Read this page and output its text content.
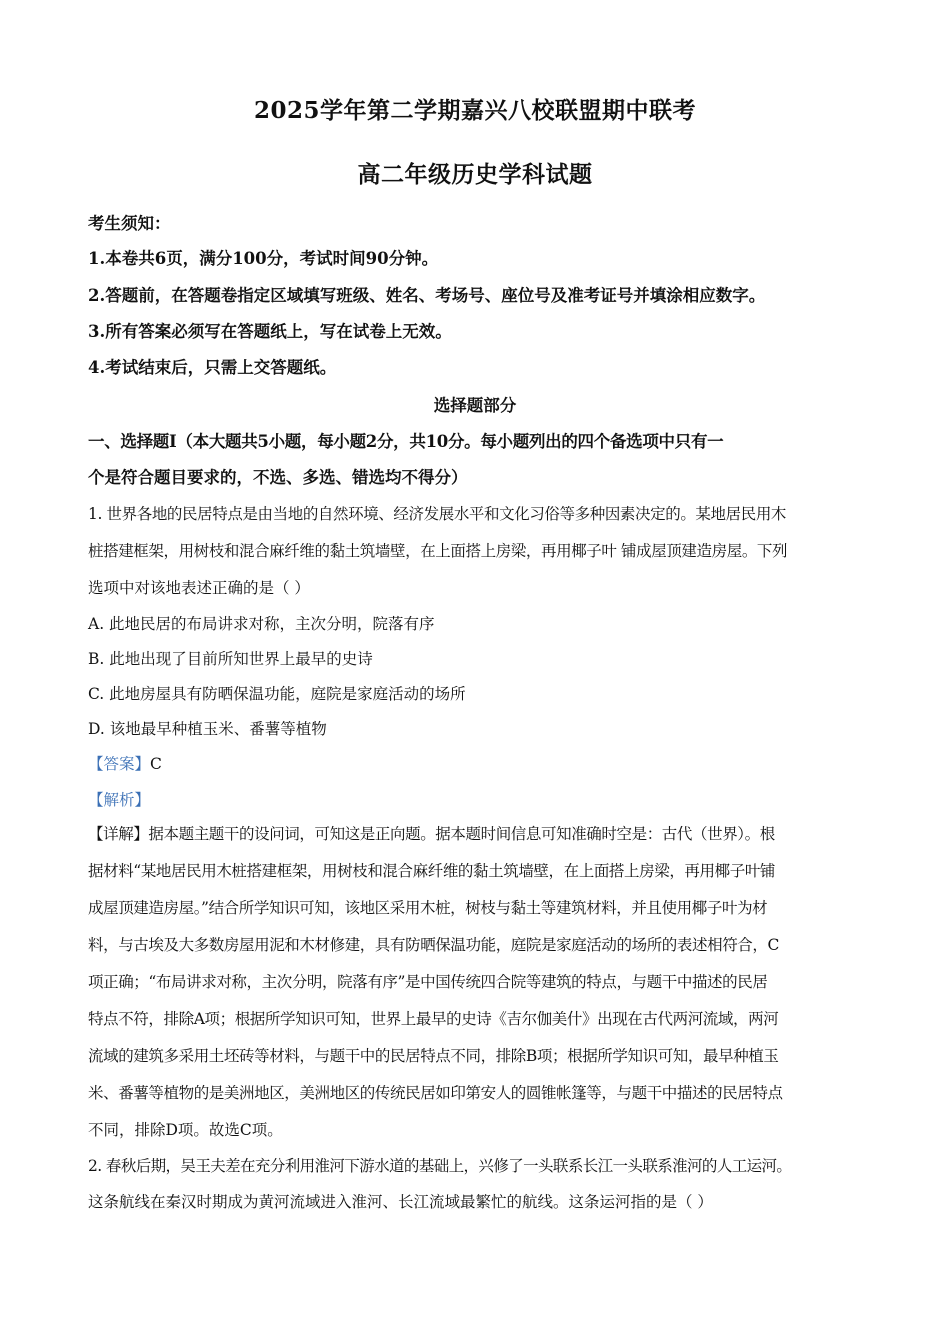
2025学年第二学期嘉兴八校联盟期中联考
高二年级历史学科试题
考生须知：
1.本卷共6页，满分100分，考试时间90分钟。
2.答题前，在答题卷指定区域填写班级、姓名、考场号、座位号及准考证号并填涂相应数字。
3.所有答案必须写在答题纸上，写在试卷上无效。
4.考试结束后，只需上交答题纸。
选择题部分
一、选择题Ⅰ（本大题共5小题，每小题2分，共10分。每小题列出的四个备选项中只有一
个是符合题目要求的，不选、多选、错选均不得分）
1. 世界各地的民居特点是由当地的自然环境、经济发展水平和文化习俗等多种因素决定的。某地居民用木
桩搭建框架，用树枝和混合麻纤维的黏土筑墙壁，在上面搭上房梁，再用椰子叶 铺成屋顶建造房屋。下列
选项中对该地表述正确的是（ ）
A. 此地民居的布局讲求对称，主次分明，院落有序
B. 此地出现了目前所知世界上最早的史诗
C. 此地房屋具有防晒保温功能，庭院是家庭活动的场所
D. 该地最早种植玉米、番薯等植物
【答案】C
【解析】
【详解】据本题主题干的设问词，可知这是正向题。据本题时间信息可知准确时空是：古代（世界）。根
据材料“某地居民用木桩搭建框架，用树枝和混合麻纤维的黏土筑墙壁，在上面搭上房梁，再用椰子叶铺
成屋顶建造房屋。”结合所学知识可知，该地区采用木桩，树枝与黏土等建筑材料，并且使用椰子叶为材
料，与古埃及大多数房屋用泥和木材修建，具有防晒保温功能，庭院是家庭活动的场所的表述相符合，C
项正确；“布局讲求对称，主次分明，院落有序”是中国传统四合院等建筑的特点，与题干中描述的民居
特点不符，排除A项；根据所学知识可知，世界上最早的史诗《吉尔伽美什》出现在古代两河流域，两河
流域的建筑多采用土坯砖等材料，与题干中的民居特点不同，排除B项；根据所学知识可知，最早种植玉
米、番薯等植物的是美洲地区，美洲地区的传统民居如印第安人的圆锥帐篷等，与题干中描述的民居特点
不同，排除D项。故选C项。
2. 春秋后期，吴王夫差在充分利用淮河下游水道的基础上，兴修了一头联系长江一头联系淮河的人工运河。
这条航线在秦汉时期成为黄河流域进入淮河、长江流域最繁忙的航线。这条运河指的是（ ）
